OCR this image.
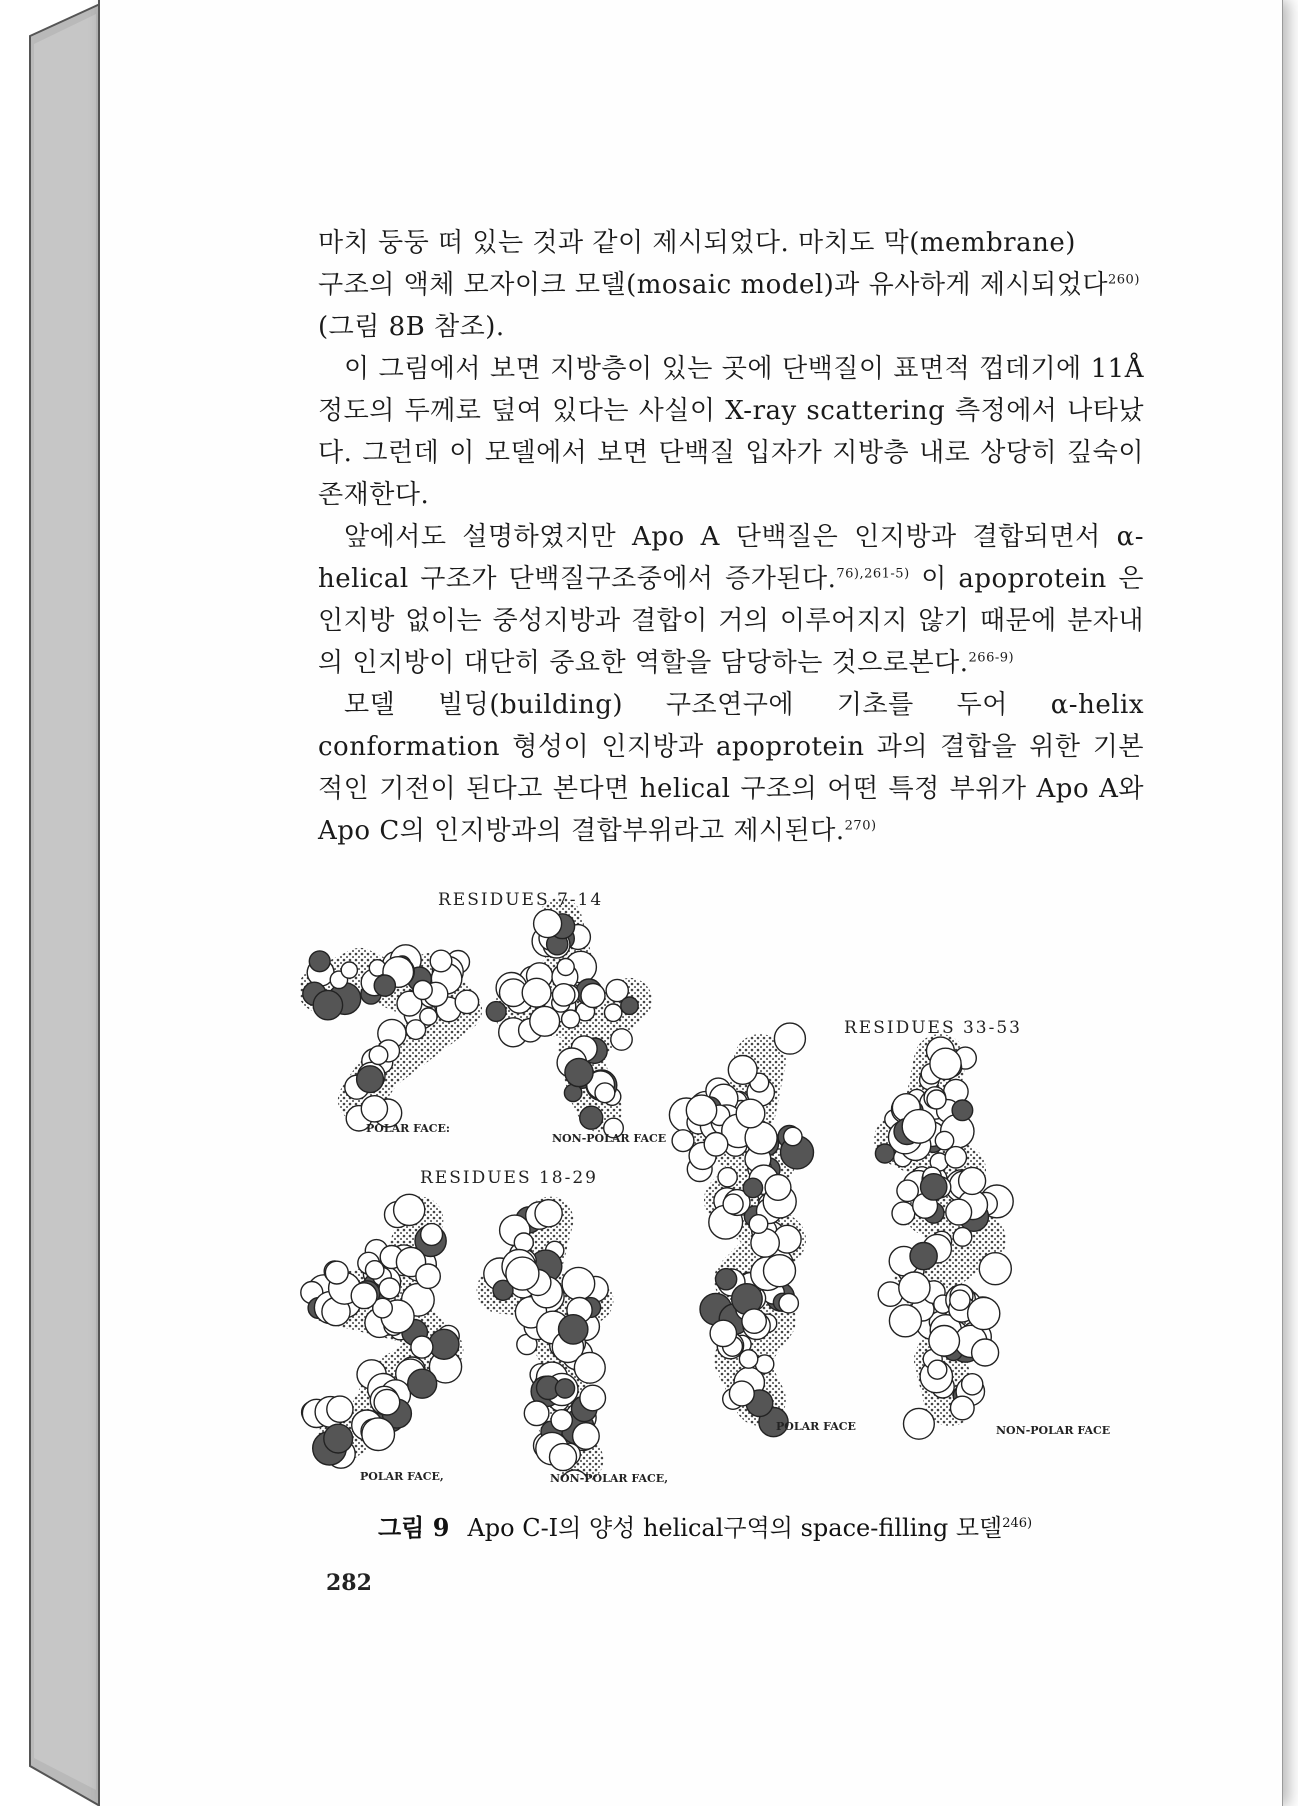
마치 둥둥 떠 있는 것과 같이 제시되었다. 마치도 막(membrane)
구조의 액체 모자이크 모델(mosaic model)과 유사하게 제시되었다$^{260)}$
(그림 8B 참조).

이 그림에서 보면 지방층이 있는 곳에 단백질이 표면적 껍데기에 11Å 정도의 두께로 덮여 있다는 사실이 X-ray scattering 측정에서 나타났다. 그런데 이 모델에서 보면 단백질 입자가 지방층 내로 상당히 깊숙이 존재한다.

앞에서도 설명하였지만 Apo A 단백질은 인지방과 결합되면서 α-helical 구조가 단백질구조중에서 증가된다.$^{76),261-5)}$ 이 apoprotein 은 인지방 없이는 중성지방과 결합이 거의 이루어지지 않기 때문에 분자내의 인지방이 대단히 중요한 역할을 담당하는 것으로본다.$^{266-9)}$

모델 빌딩(building) 구조연구에 기초를 두어 α-helix conformation 형성이 인지방과 apoprotein 과의 결합을 위한 기본적인 기전이 된다고 본다면 helical 구조의 어떤 특정 부위가 Apo A와 Apo C의 인지방과의 결합부위라고 제시된다.$^{270)}$

RESIDUES 7-14
RESIDUES 18-29
RESIDUES 33-53
POLAR FACE:
NON-POLAR FACE
POLAR FACE,	NON-POLAR FACE,
POLAR FACE	NON-POLAR FACE
그림 9 Apo C-Ⅰ의 양성 helical구역의 space-filling 모델$^{246)}$
282
